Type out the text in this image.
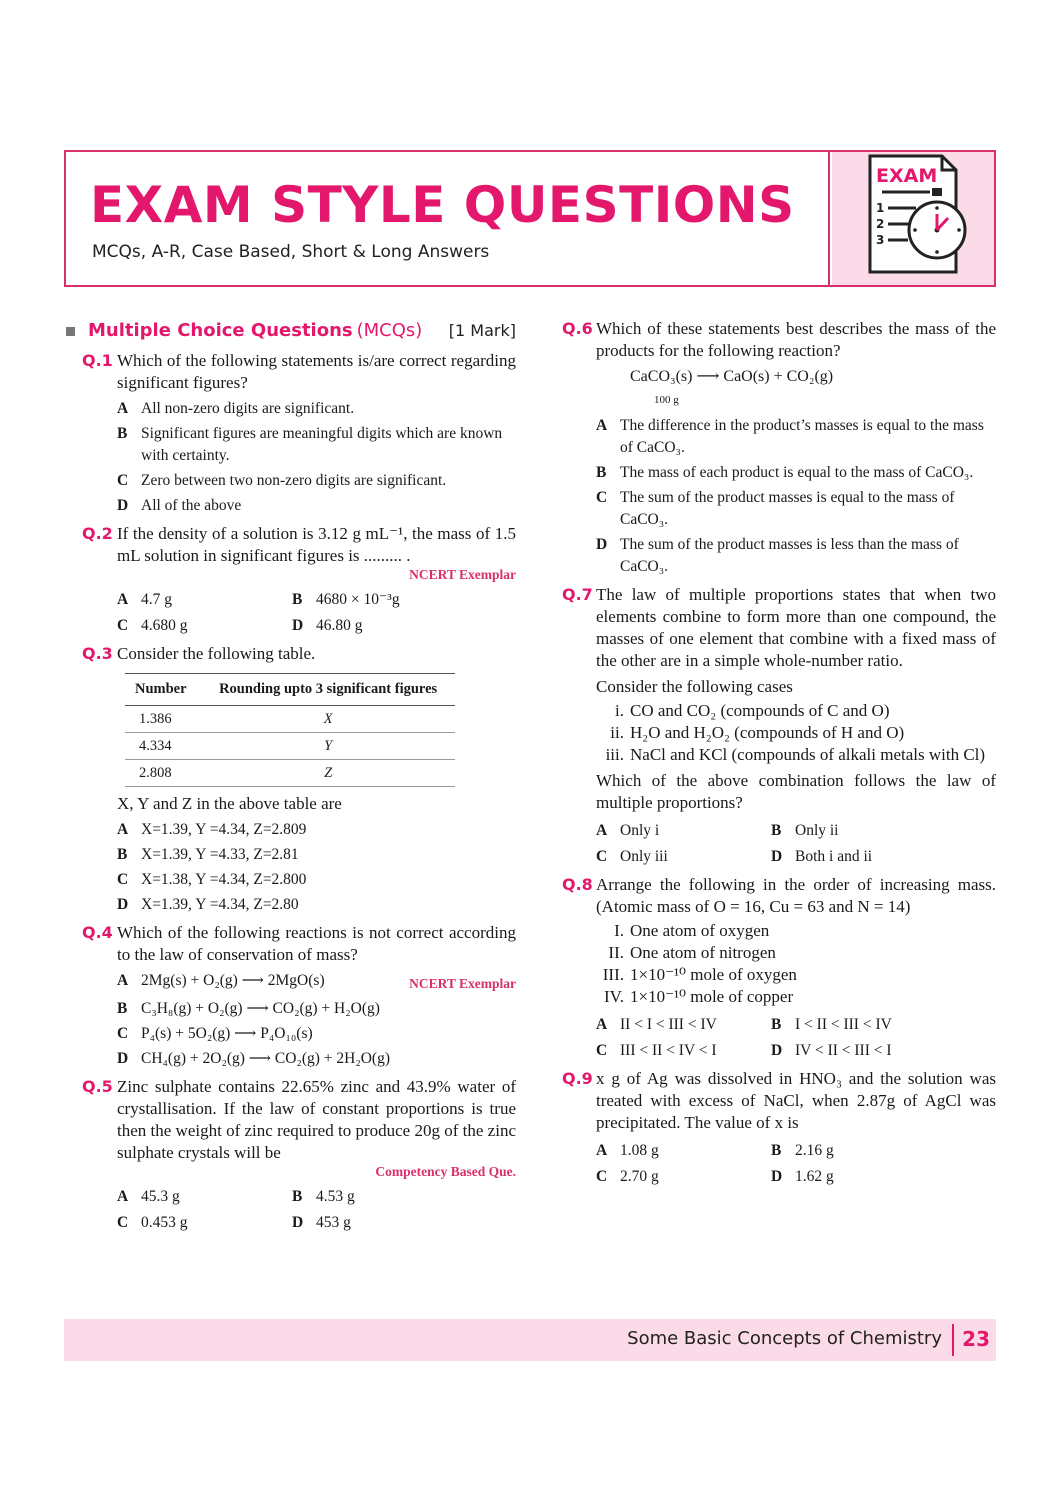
EXAM STYLE QUESTIONS
MCQs, A-R, Case Based, Short & Long Answers
EXAM
1
2
3
Multiple Choice Questions (MCQs) [1 Mark]
Q.1 Which of the following statements is/are correct regarding significant figures?
A All non-zero digits are significant.
B Significant figures are meaningful digits which are known with certainty.
C Zero between two non-zero digits are significant.
D All of the above
Q.2 If the density of a solution is 3.12 g mL⁻¹, the mass of 1.5 mL solution in significant figures is ......... .
NCERT Exemplar
A 4.7 g	B 4680 × 10⁻³g
C 4.680 g	D 46.80 g
Q.3 Consider the following table.
Number	Rounding upto 3 significant figures
1.386	X
4.334	Y
2.808	Z
X, Y and Z in the above table are
A X=1.39, Y =4.34, Z=2.809
B X=1.39, Y =4.33, Z=2.81
C X=1.38, Y =4.34, Z=2.800
D X=1.39, Y =4.34, Z=2.80
Q.4 Which of the following reactions is not correct according to the law of conservation of mass?
A 2Mg(s) + O₂(g) ⟶ 2MgO(s)	NCERT Exemplar
B C₃H₈(g) + O₂(g) ⟶ CO₂(g) + H₂O(g)
C P₄(s) + 5O₂(g) ⟶ P₄O₁₀(s)
D CH₄(g) + 2O₂(g) ⟶ CO₂(g) + 2H₂O(g)
Q.5 Zinc sulphate contains 22.65% zinc and 43.9% water of crystallisation. If the law of constant proportions is true then the weight of zinc required to produce 20g of the zinc sulphate crystals will be
Competency Based Que.
A 45.3 g	B 4.53 g
C 0.453 g	D 453 g
Q.6 Which of these statements best describes the mass of the products for the following reaction?
CaCO₃(s) ⟶ CaO(s) + CO₂(g)
100 g
A The difference in the product’s masses is equal to the mass of CaCO₃.
B The mass of each product is equal to the mass of CaCO₃.
C The sum of the product masses is equal to the mass of CaCO₃.
D The sum of the product masses is less than the mass of CaCO₃.
Q.7 The law of multiple proportions states that when two elements combine to form more than one compound, the masses of one element that combine with a fixed mass of the other are in a simple whole-number ratio.
Consider the following cases
i. CO and CO₂ (compounds of C and O)
ii. H₂O and H₂O₂ (compounds of H and O)
iii. NaCl and KCl (compounds of alkali metals with Cl)
Which of the above combination follows the law of multiple proportions?
A Only i	B Only ii
C Only iii	D Both i and ii
Q.8 Arrange the following in the order of increasing mass. (Atomic mass of O = 16, Cu = 63 and N = 14)
I. One atom of oxygen
II. One atom of nitrogen
III. 1×10⁻¹⁰ mole of oxygen
IV. 1×10⁻¹⁰ mole of copper
A II < I < III < IV	B I < II < III < IV
C III < II < IV < I	D IV < II < III < I
Q.9 x g of Ag was dissolved in HNO₃ and the solution was treated with excess of NaCl, when 2.87g of AgCl was precipitated. The value of x is
A 1.08 g	B 2.16 g
C 2.70 g	D 1.62 g
Some Basic Concepts of Chemistry 23
